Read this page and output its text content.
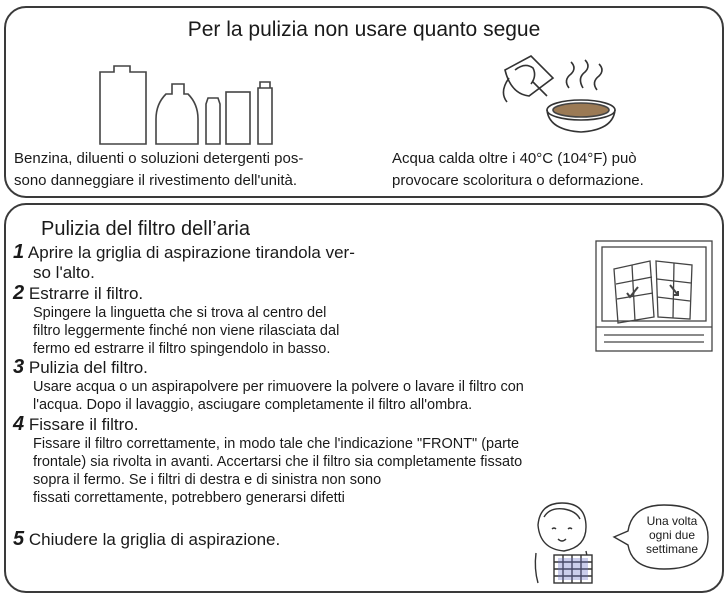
Per la pulizia non usare quanto segue
Benzina, diluenti o soluzioni detergenti pos-
sono danneggiare il rivestimento dell'unità.
Acqua calda oltre i 40°C (104°F) può
provocare scoloritura o deformazione.
Pulizia del filtro dell’aria
1 Aprire la griglia di aspirazione tirandola ver-
so l'alto.
2 Estrarre il filtro.
Spingere la linguetta che si trova al centro del
filtro leggermente finché non viene rilasciata dal
fermo ed estrarre il filtro spingendolo in basso.
3 Pulizia del filtro.
Usare acqua o un aspirapolvere per rimuovere la polvere o lavare il filtro con
l'acqua. Dopo il lavaggio, asciugare completamente il filtro all'ombra.
4 Fissare il filtro.
Fissare il filtro correttamente, in modo tale che l'indicazione "FRONT" (parte
frontale) sia rivolta in avanti. Accertarsi che il filtro sia completamente fissato
sopra il fermo. Se i filtri di destra e di sinistra non sono
fissati correttamente, potrebbero generarsi difetti
5 Chiudere la griglia di aspirazione.
Una volta
ogni due
settimane
